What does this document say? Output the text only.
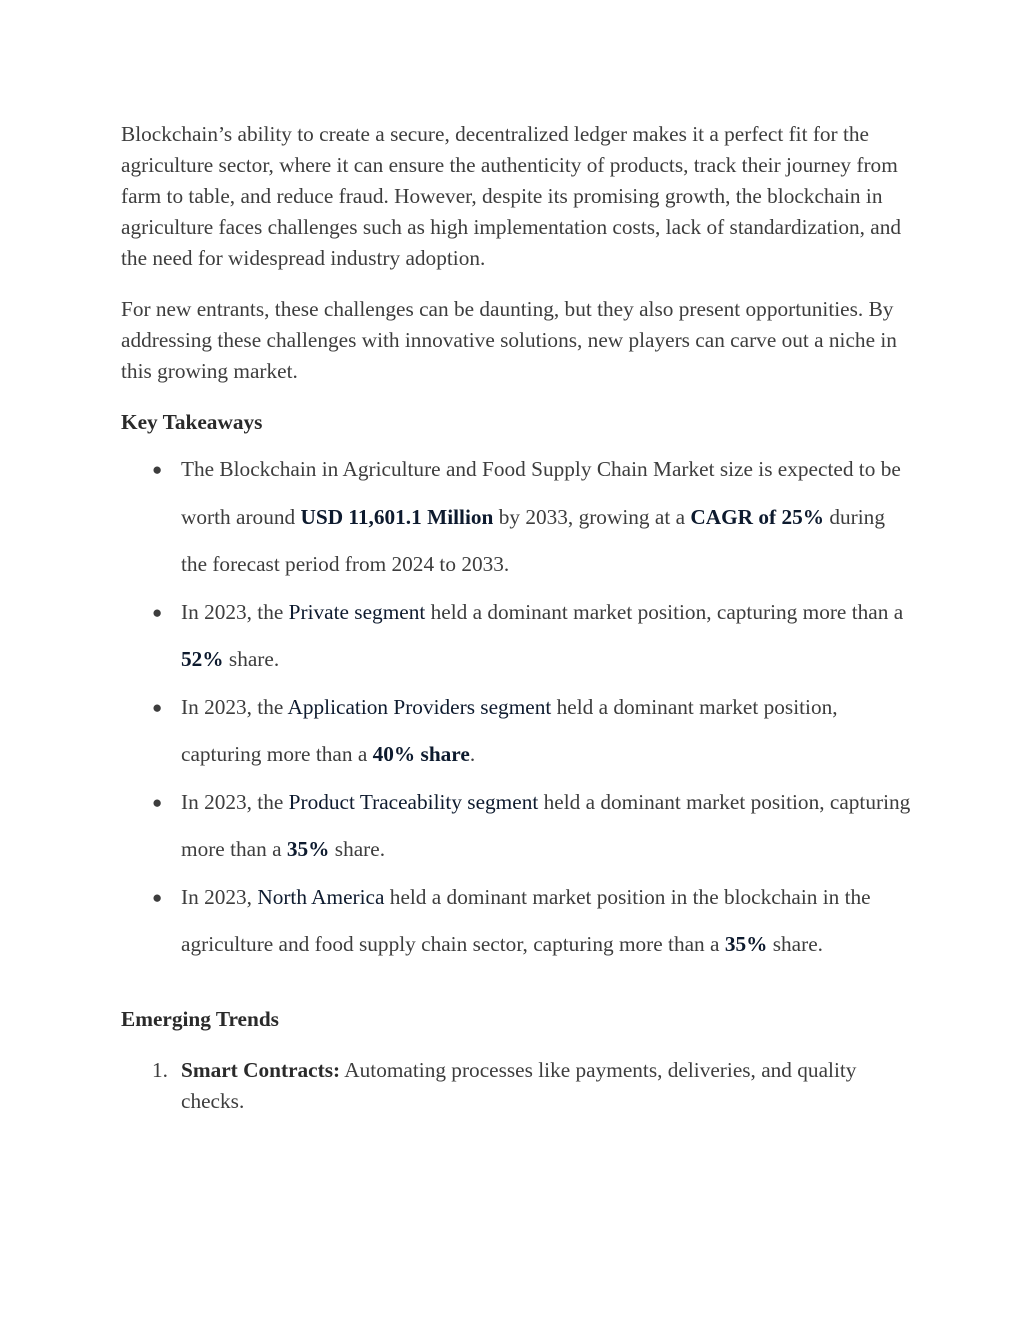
Blockchain’s ability to create a secure, decentralized ledger makes it a perfect fit for the agriculture sector, where it can ensure the authenticity of products, track their journey from farm to table, and reduce fraud. However, despite its promising growth, the blockchain in agriculture faces challenges such as high implementation costs, lack of standardization, and the need for widespread industry adoption.

For new entrants, these challenges can be daunting, but they also present opportunities. By addressing these challenges with innovative solutions, new players can carve out a niche in this growing market.

Key Takeaways
● The Blockchain in Agriculture and Food Supply Chain Market size is expected to be worth around USD 11,601.1 Million by 2033, growing at a CAGR of 25% during the forecast period from 2024 to 2033.
● In 2023, the Private segment held a dominant market position, capturing more than a 52% share.
● In 2023, the Application Providers segment held a dominant market position, capturing more than a 40% share.
● In 2023, the Product Traceability segment held a dominant market position, capturing more than a 35% share.
● In 2023, North America held a dominant market position in the blockchain in the agriculture and food supply chain sector, capturing more than a 35% share.
Emerging Trends
1. Smart Contracts: Automating processes like payments, deliveries, and quality checks.
